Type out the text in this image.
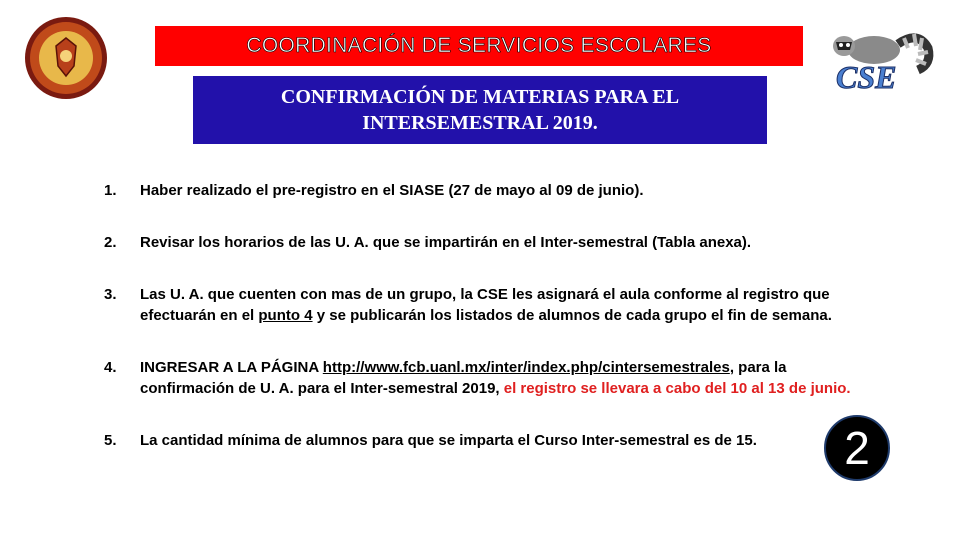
COORDINACIÓN DE SERVICIOS ESCOLARES
CONFIRMACIÓN DE MATERIAS PARA EL
INTERSEMESTRAL 2019.
CSE
1.	Haber realizado el pre-registro en el SIASE (27 de mayo al 09 de junio).
2.	Revisar los horarios de las U. A. que se impartirán en el Inter-semestral (Tabla anexa).
3.	Las U. A. que cuenten con mas de un grupo, la CSE les asignará el aula conforme al registro que efectuarán en el punto 4 y se publicarán los listados de alumnos de cada grupo el fin de semana.
4.	INGRESAR A LA PÁGINA http://www.fcb.uanl.mx/inter/index.php/cintersemestrales, para la confirmación de U. A. para el Inter-semestral 2019, el registro se llevara a cabo del 10 al 13 de junio.
5.	La cantidad mínima de alumnos para que se imparta el Curso Inter-semestral es de 15.	2
